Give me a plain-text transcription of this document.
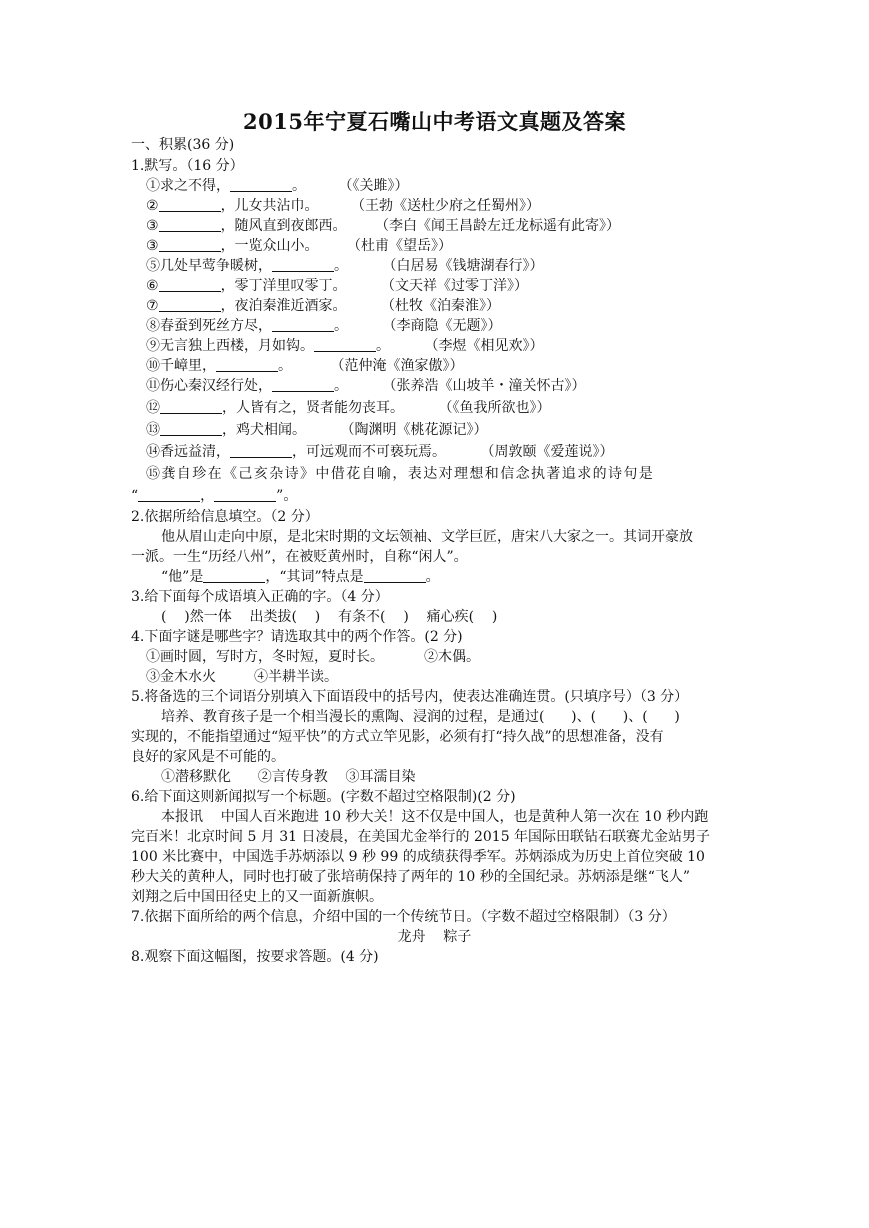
2015年宁夏石嘴山中考语文真题及答案
一、积累(36 分)
1.默写。（16 分）
①求之不得，	。 （《关雎》）
②	，儿女共沾巾。 （王勃《送杜少府之任蜀州》）
③	，随风直到夜郎西。 （李白《闻王昌龄左迁龙标遥有此寄》）
③	，一览众山小。 （杜甫《望岳》）
⑤几处早莺争暖树，	。 （白居易《钱塘湖春行》）
⑥	，零丁洋里叹零丁。 （文天祥《过零丁洋》）
⑦	，夜泊秦淮近酒家。 （杜牧《泊秦淮》）
⑧春蚕到死丝方尽，	。 （李商隐《无题》）
⑨无言独上西楼，月如钩。	。 （李煜《相见欢》）
⑩千嶂里，	。	（范仲淹《渔家傲》）
⑪伤心秦汉经行处，	。 （张养浩《山坡羊・潼关怀古》）
⑫	，人皆有之，贤者能勿丧耳。 （《鱼我所欲也》）
⑬	，鸡犬相闻。 （陶渊明《桃花源记》）
⑭香远益清，	，可远观而不可亵玩焉。 （周敦颐《爱莲说》）
⑮龚自珍在《己亥杂诗》中借花自喻，表达对理想和信念执著追求的诗句是
“	，	”。
2.依据所给信息填空。（2 分）
他从眉山走向中原，是北宋时期的文坛领袖、文学巨匠，唐宋八大家之一。其词开豪放
一派。一生“历经八州”，在被贬黄州时，自称“闲人”。
“他”是	，“其词”特点是	。
3.给下面每个成语填入正确的字。（4 分）
(    )然一体    出类拔(    )    有条不(    )    痛心疾(    )
4.下面字谜是哪些字？请选取其中的两个作答。(2 分)
①画时圆，写时方，冬时短，夏时长。	②木偶。
③金木水火	④半耕半读。
5.将备选的三个词语分别填入下面语段中的括号内，使表达准确连贯。(只填序号）（3 分）
培养、教育孩子是一个相当漫长的熏陶、浸润的过程，是通过(      )、(      )、(      )
实现的，不能指望通过“短平快”的方式立竿见影，必须有打“持久战”的思想准备，没有
良好的家风是不可能的。
①潜移默化      ②言传身教    ③耳濡目染
6.给下面这则新闻拟写一个标题。(字数不超过空格限制)(2 分)
本报讯    中国人百米跑进 10 秒大关！这不仅是中国人，也是黄种人第一次在 10 秒内跑
完百米！北京时间 5 月 31 日凌晨，在美国尤金举行的 2015 年国际田联钻石联赛尤金站男子
100 米比赛中，中国选手苏炳添以 9 秒 99 的成绩获得季军。苏炳添成为历史上首位突破 10
秒大关的黄种人，同时也打破了张培萌保持了两年的 10 秒的全国纪录。苏炳添是继“飞人”
刘翔之后中国田径史上的又一面新旗帜。
7.依据下面所给的两个信息，介绍中国的一个传统节日。（字数不超过空格限制）（3 分）
龙舟    粽子
8.观察下面这幅图，按要求答题。(4 分)
